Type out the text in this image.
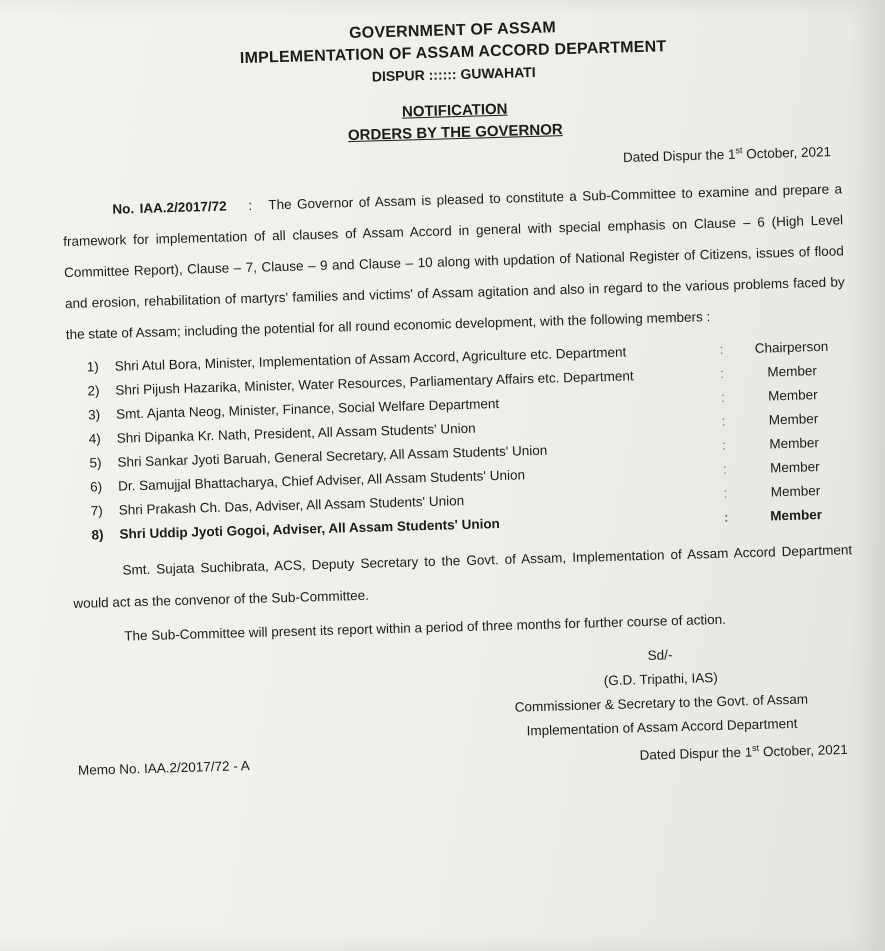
GOVERNMENT OF ASSAM
IMPLEMENTATION OF ASSAM ACCORD DEPARTMENT
DISPUR :::::: GUWAHATI
NOTIFICATION
ORDERS BY THE GOVERNOR
Dated Dispur the 1st October, 2021
No. IAA.2/2017/72 : The Governor of Assam is pleased to constitute a Sub-Committee to examine and prepare a framework for implementation of all clauses of Assam Accord in general with special emphasis on Clause – 6 (High Level Committee Report), Clause – 7, Clause – 9 and Clause – 10 along with updation of National Register of Citizens, issues of flood and erosion, rehabilitation of martyrs' families and victims' of Assam agitation and also in regard to the various problems faced by the state of Assam; including the potential for all round economic development, with the following members :
1)	Shri Atul Bora, Minister, Implementation of Assam Accord, Agriculture etc. Department	:	Chairperson
2)	Shri Pijush Hazarika, Minister, Water Resources, Parliamentary Affairs etc. Department	:	Member
3)	Smt. Ajanta Neog, Minister, Finance, Social Welfare Department	:	Member
4)	Shri Dipanka Kr. Nath, President, All Assam Students' Union	:	Member
5)	Shri Sankar Jyoti Baruah, General Secretary, All Assam Students' Union	:	Member
6)	Dr. Samujjal Bhattacharya, Chief Adviser, All Assam Students' Union	:	Member
7)	Shri Prakash Ch. Das, Adviser, All Assam Students' Union	:	Member
8)	Shri Uddip Jyoti Gogoi, Adviser, All Assam Students' Union	:	Member
Smt. Sujata Suchibrata, ACS, Deputy Secretary to the Govt. of Assam, Implementation of Assam Accord Department would act as the convenor of the Sub-Committee.
The Sub-Committee will present its report within a period of three months for further course of action.
Sd/-
(G.D. Tripathi, IAS)
Commissioner & Secretary to the Govt. of Assam
Implementation of Assam Accord Department
Memo No. IAA.2/2017/72 - A
Dated Dispur the 1st October, 2021
